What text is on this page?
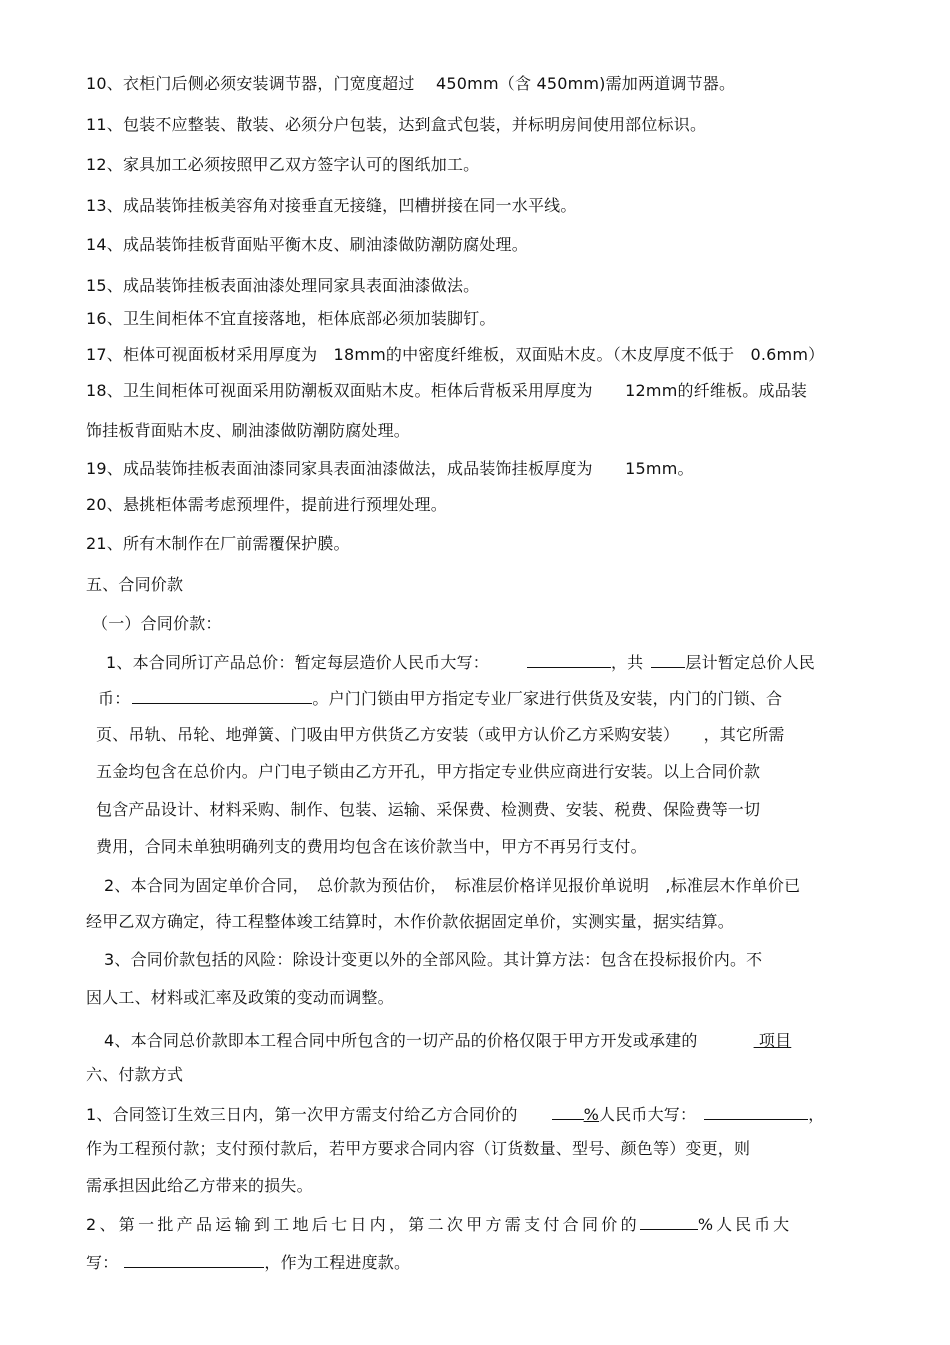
10、衣柜门后侧必须安装调节器，门宽度超过　 450mm（含 450mm)需加两道调节器。
11、包装不应整装、散装、必须分户包装，达到盒式包装，并标明房间使用部位标识。
12、家具加工必须按照甲乙双方签字认可的图纸加工。
13、成品装饰挂板美容角对接垂直无接缝，凹槽拼接在同一水平线。
14、成品装饰挂板背面贴平衡木皮、刷油漆做防潮防腐处理。
15、成品装饰挂板表面油漆处理同家具表面油漆做法。
16、卫生间柜体不宜直接落地，柜体底部必须加装脚钉。
17、柜体可视面板材采用厚度为　18mm的中密度纤维板，双面贴木皮。（木皮厚度不低于　0.6mm）
18、卫生间柜体可视面采用防潮板双面贴木皮。柜体后背板采用厚度为　　12mm的纤维板。成品装
饰挂板背面贴木皮、刷油漆做防潮防腐处理。
19、成品装饰挂板表面油漆同家具表面油漆做法，成品装饰挂板厚度为　　15mm。
20、悬挑柜体需考虑预埋件，提前进行预埋处理。
21、所有木制作在厂前需覆保护膜。
五、合同价款
（一）合同价款：
1、本合同所订产品总价：暂定每层造价人民币大写：	，共	层计暂定总价人民
币：	。户门门锁由甲方指定专业厂家进行供货及安装，内门的门锁、合
页、吊轨、吊轮、地弹簧、门吸由甲方供货乙方安装（或甲方认价乙方采购安装）　　，其它所需
五金均包含在总价内。户门电子锁由乙方开孔，甲方指定专业供应商进行安装。以上合同价款
包含产品设计、材料采购、制作、包装、运输、采保费、检测费、安装、税费、保险费等一切
费用，合同未单独明确列支的费用均包含在该价款当中，甲方不再另行支付。
2、本合同为固定单价合同，　总价款为预估价，　标准层价格详见报价单说明　,标准层木作单价已
经甲乙双方确定，待工程整体竣工结算时，木作价款依据固定单价，实测实量，据实结算。
3、合同价款包括的风险：除设计变更以外的全部风险。其计算方法：包含在投标报价内。不
因人工、材料或汇率及政策的变动而调整。
4、本合同总价款即本工程合同中所包含的一切产品的价格仅限于甲方开发或承建的	项目
六、付款方式
1、合同签订生效三日内，第一次甲方需支付给乙方合同价的	%人民币大写：	，
作为工程预付款；支付预付款后，若甲方要求合同内容（订货数量、型号、颜色等）变更，则
需承担因此给乙方带来的损失。
2、第一批产品运输到工地后七日内，第二次甲方需支付合同价的	%人民币大
写：	，作为工程进度款。
